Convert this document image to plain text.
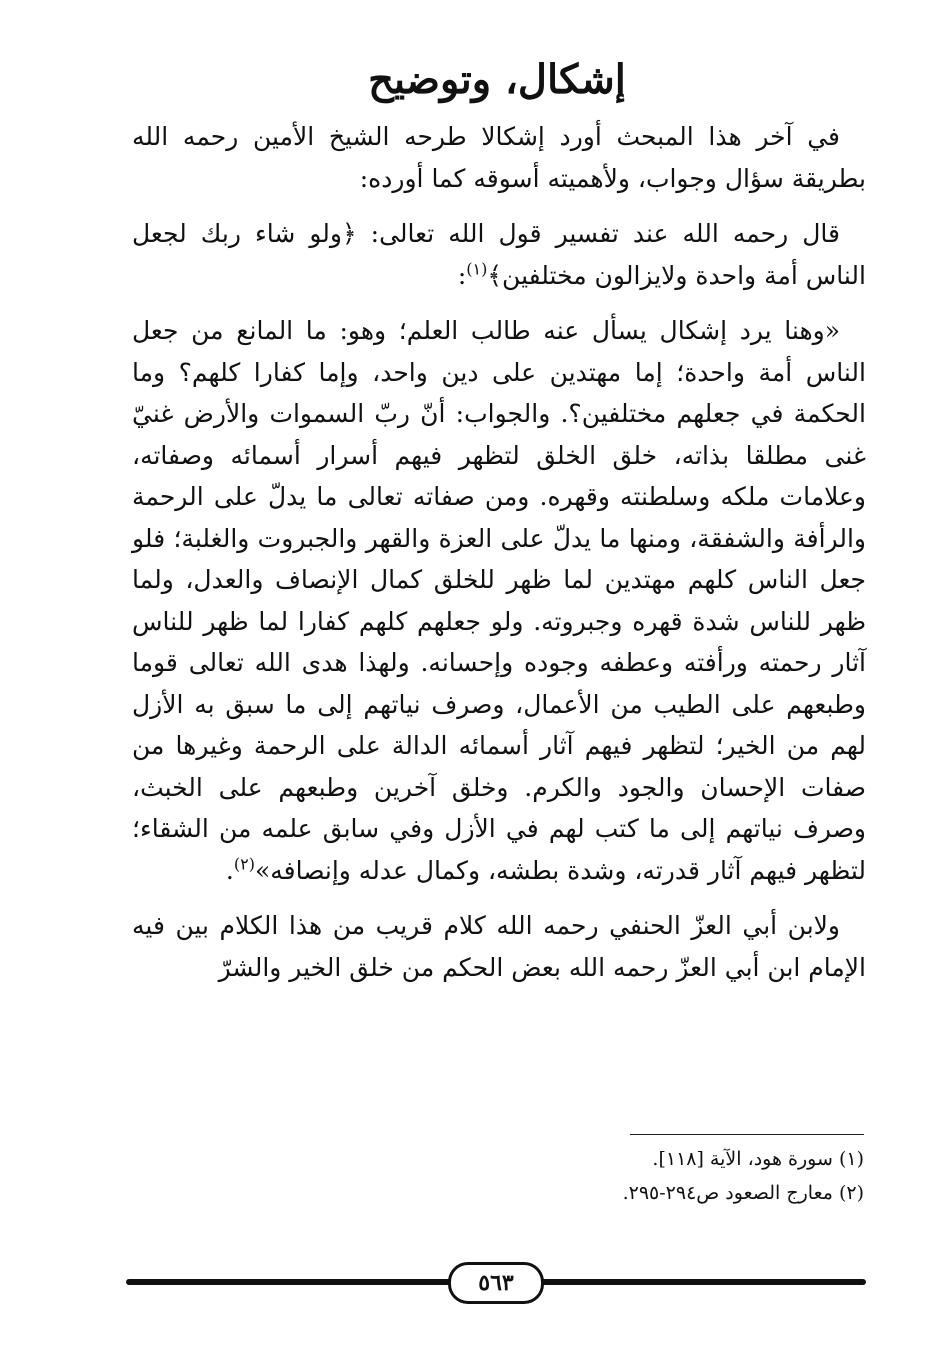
إشكال، وتوضيح

في آخر هذا المبحث أورد إشكالا طرحه الشيخ الأمين رحمه الله بطريقة سؤال وجواب، ولأهميته أسوقه كما أورده:

قال رحمه الله عند تفسير قول الله تعالى: ﴿ولو شاء ربك لجعل الناس أمة واحدة ولايزالون مختلفين﴾$^{(١)}$:

«وهنا يرد إشكال يسأل عنه طالب العلم؛ وهو: ما المانع من جعل الناس أمة واحدة؛ إما مهتدين على دين واحد، وإما كفارا كلهم؟ وما الحكمة في جعلهم مختلفين؟. والجواب: أنّ ربّ السموات والأرض غنيّ غنى مطلقا بذاته، خلق الخلق لتظهر فيهم أسرار أسمائه وصفاته، وعلامات ملكه وسلطنته وقهره. ومن صفاته تعالى ما يدلّ على الرحمة والرأفة والشفقة، ومنها ما يدلّ على العزة والقهر والجبروت والغلبة؛ فلو جعل الناس كلهم مهتدين لما ظهر للخلق كمال الإنصاف والعدل، ولما ظهر للناس شدة قهره وجبروته. ولو جعلهم كلهم كفارا لما ظهر للناس آثار رحمته ورأفته وعطفه وجوده وإحسانه. ولهذا هدى الله تعالى قوما وطبعهم على الطيب من الأعمال، وصرف نياتهم إلى ما سبق به الأزل لهم من الخير؛ لتظهر فيهم آثار أسمائه الدالة على الرحمة وغيرها من صفات الإحسان والجود والكرم. وخلق آخرين وطبعهم على الخبث، وصرف نياتهم إلى ما كتب لهم في الأزل وفي سابق علمه من الشقاء؛ لتظهر فيهم آثار قدرته، وشدة بطشه، وكمال عدله وإنصافه»$^{(٢)}$.

ولابن أبي العزّ الحنفي رحمه الله كلام قريب من هذا الكلام بين فيه الإمام ابن أبي العزّ رحمه الله بعض الحكم من خلق الخير والشرّ

(١) سورة هود، الآية [١١٨].

(٢) معارج الصعود ص٢٩٤-٢٩٥.

٥٦٣
